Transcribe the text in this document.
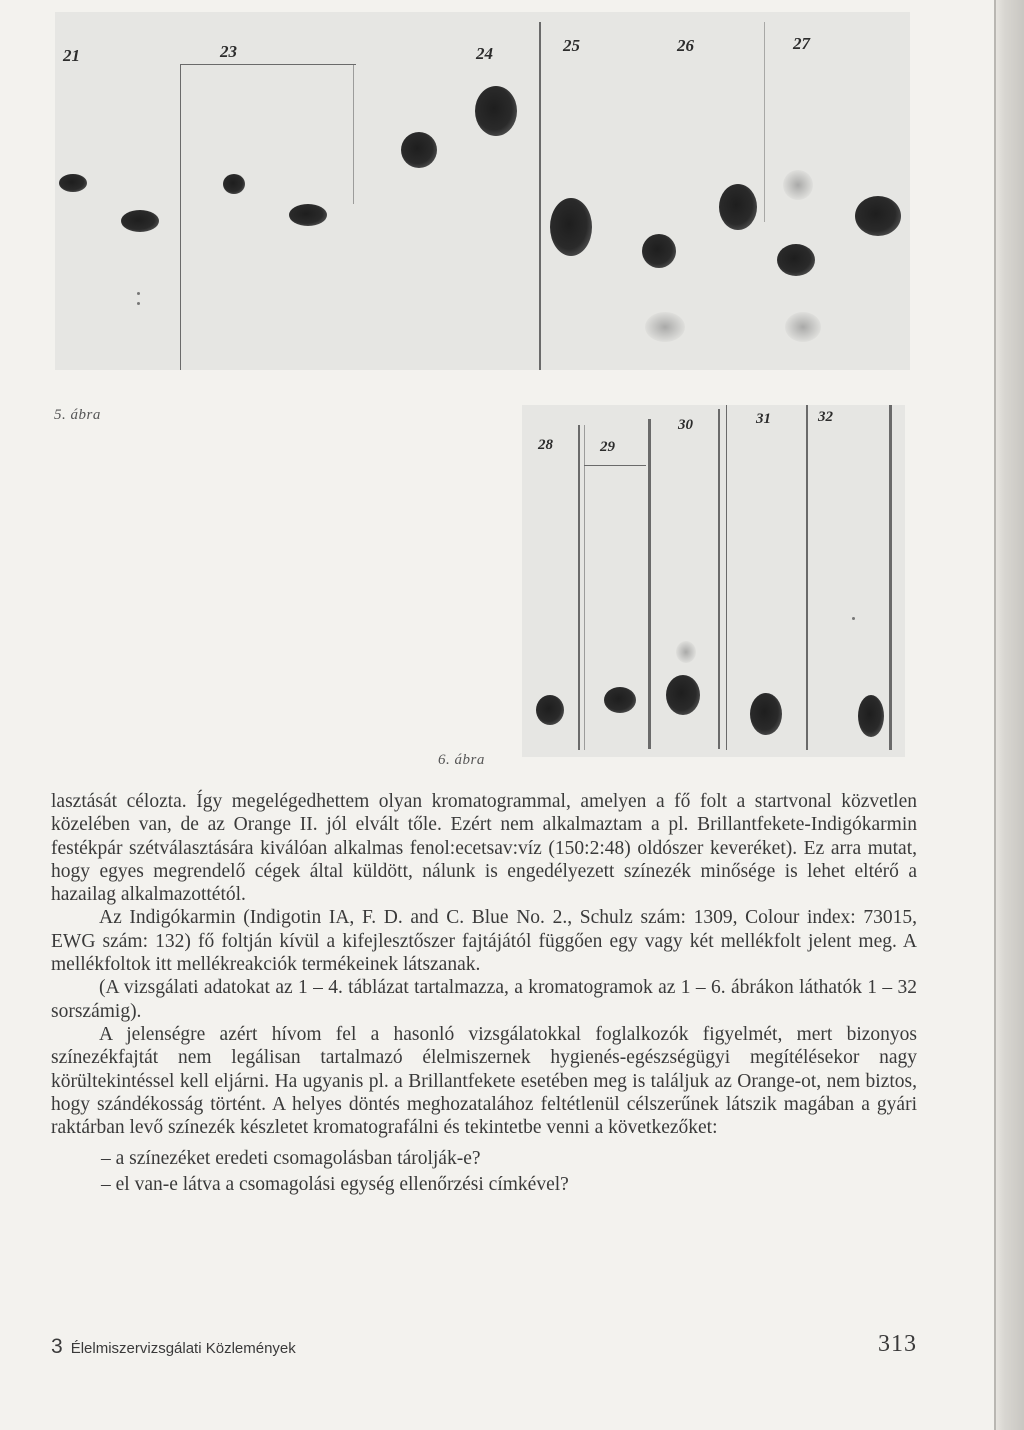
21	23	24	25	26	27
5. ábra
28	29
30	31	32
6. ábra

lasztását célozta. Így megelégedhettem olyan kromatogrammal, amelyen a fő folt a startvonal közvetlen közelében van, de az Orange II. jól elvált tőle. Ezért nem alkalmaztam a pl. Brillantfekete-Indigókarmin festékpár szétválasztására kiválóan alkalmas fenol:ecetsav:víz (150:2:48) oldószer keveréket). Ez arra mutat, hogy egyes megrendelő cégek által küldött, nálunk is engedélyezett színezék minősége is lehet eltérő a hazailag alkalmazottétól.

Az Indigókarmin (Indigotin IA, F. D. and C. Blue No. 2., Schulz szám: 1309, Colour index: 73015, EWG szám: 132) fő foltján kívül a kifejlesztőszer fajtájától függően egy vagy két mellékfolt jelent meg. A mellékfoltok itt mellékreakciók termékeinek látszanak.

(A vizsgálati adatokat az 1 – 4. táblázat tartalmazza, a kromatogramok az 1 – 6. ábrákon láthatók 1 – 32 sorszámig).

A jelenségre azért hívom fel a hasonló vizsgálatokkal foglalkozók figyelmét, mert bizonyos színezékfajtát nem legálisan tartalmazó élelmiszernek hygienés-egészségügyi megítélésekor nagy körültekintéssel kell eljárni. Ha ugyanis pl. a Brillantfekete esetében meg is találjuk az Orange-ot, nem biztos, hogy szándékosság történt. A helyes döntés meghozatalához feltétlenül célszerűnek látszik magában a gyári raktárban levő színezék készletet kromatografálni és tekintetbe venni a következőket:

– a színezéket eredeti csomagolásban tárolják-e?

– el van-e látva a csomagolási egység ellenőrzési címkével?

3 Élelmiszervizsgálati Közlemények	313
